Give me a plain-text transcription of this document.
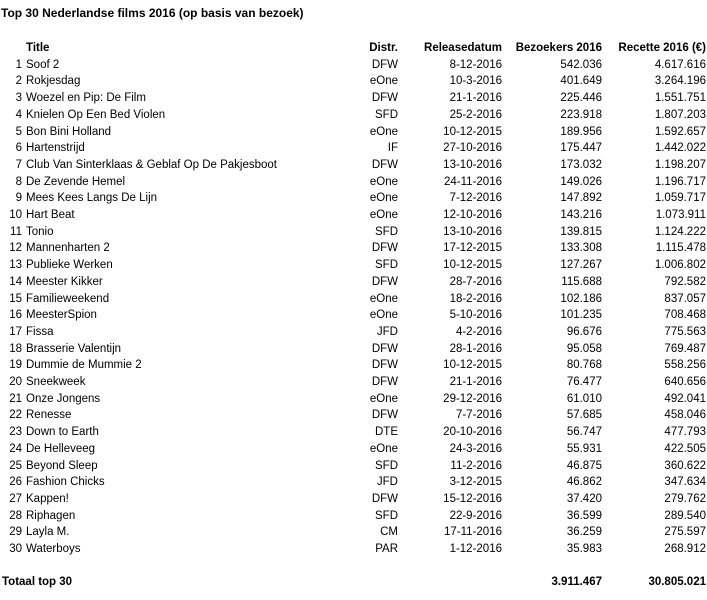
Top 30 Nederlandse films 2016 (op basis van bezoek)
	Title	Distr.	Releasedatum	Bezoekers 2016	Recette 2016 (€)
1	Soof 2	DFW	8-12-2016	542.036	4.617.616
2	Rokjesdag	eOne	10-3-2016	401.649	3.264.196
3	Woezel en Pip: De Film	DFW	21-1-2016	225.446	1.551.751
4	Knielen Op Een Bed Violen	SFD	25-2-2016	223.918	1.807.203
5	Bon Bini Holland	eOne	10-12-2015	189.956	1.592.657
6	Hartenstrijd	IF	27-10-2016	175.447	1.442.022
7	Club Van Sinterklaas & Geblaf Op De Pakjesboot	DFW	13-10-2016	173.032	1.198.207
8	De Zevende Hemel	eOne	24-11-2016	149.026	1.196.717
9	Mees Kees Langs De Lijn	eOne	7-12-2016	147.892	1.059.717
10	Hart Beat	eOne	12-10-2016	143.216	1.073.911
11	Tonio	SFD	13-10-2016	139.815	1.124.222
12	Mannenharten 2	DFW	17-12-2015	133.308	1.115.478
13	Publieke Werken	SFD	10-12-2015	127.267	1.006.802
14	Meester Kikker	DFW	28-7-2016	115.688	792.582
15	Familieweekend	eOne	18-2-2016	102.186	837.057
16	MeesterSpion	eOne	5-10-2016	101.235	708.468
17	Fissa	JFD	4-2-2016	96.676	775.563
18	Brasserie Valentijn	DFW	28-1-2016	95.058	769.487
19	Dummie de Mummie 2	DFW	10-12-2015	80.768	558.256
20	Sneekweek	DFW	21-1-2016	76.477	640.656
21	Onze Jongens	eOne	29-12-2016	61.010	492.041
22	Renesse	DFW	7-7-2016	57.685	458.046
23	Down to Earth	DTE	20-10-2016	56.747	477.793
24	De Helleveeg	eOne	24-3-2016	55.931	422.505
25	Beyond Sleep	SFD	11-2-2016	46.875	360.622
26	Fashion Chicks	JFD	3-12-2015	46.862	347.634
27	Kappen!	DFW	15-12-2016	37.420	279.762
28	Riphagen	SFD	22-9-2016	36.599	289.540
29	Layla M.	CM	17-11-2016	36.259	275.597
30	Waterboys	PAR	1-12-2016	35.983	268.912

Totaal top 30				3.911.467	30.805.021
